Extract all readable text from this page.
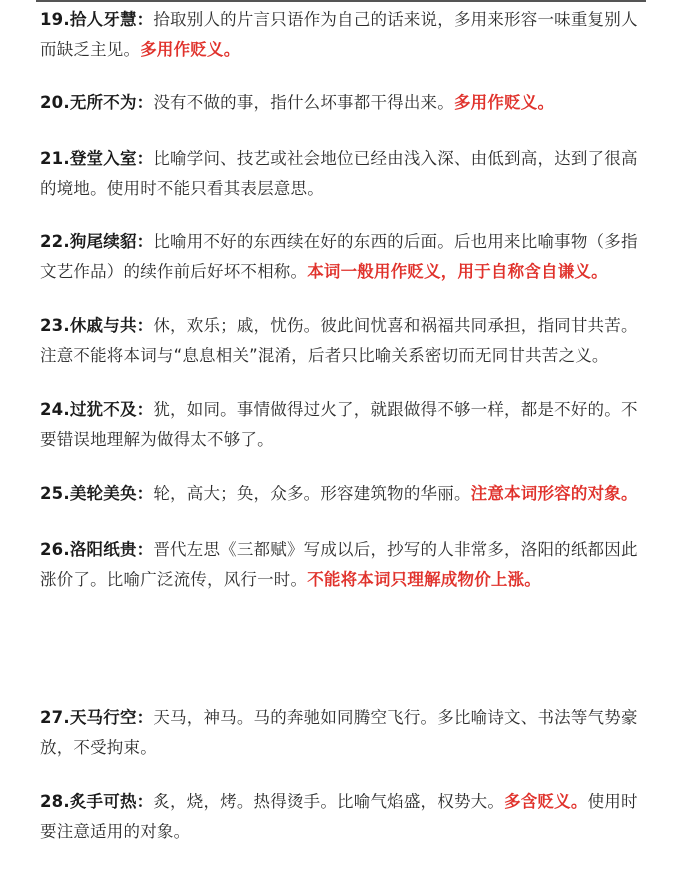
19.拾人牙慧：拾取别人的片言只语作为自己的话来说，多用来形容一味重复别人而缺乏主见。多用作贬义。
20.无所不为：没有不做的事，指什么坏事都干得出来。多用作贬义。
21.登堂入室：比喻学问、技艺或社会地位已经由浅入深、由低到高，达到了很高的境地。使用时不能只看其表层意思。
22.狗尾续貂：比喻用不好的东西续在好的东西的后面。后也用来比喻事物（多指文艺作品）的续作前后好坏不相称。本词一般用作贬义，用于自称含自谦义。
23.休戚与共：休，欢乐；戚，忧伤。彼此间忧喜和祸福共同承担，指同甘共苦。注意不能将本词与“息息相关”混淆，后者只比喻关系密切而无同甘共苦之义。
24.过犹不及：犹，如同。事情做得过火了，就跟做得不够一样，都是不好的。不要错误地理解为做得太不够了。
25.美轮美奂：轮，高大；奂，众多。形容建筑物的华丽。注意本词形容的对象。
26.洛阳纸贵：晋代左思《三都赋》写成以后，抄写的人非常多，洛阳的纸都因此涨价了。比喻广泛流传，风行一时。不能将本词只理解成物价上涨。
27.天马行空：天马，神马。马的奔驰如同腾空飞行。多比喻诗文、书法等气势豪放，不受拘束。
28.炙手可热：炙，烧，烤。热得烫手。比喻气焰盛，权势大。多含贬义。使用时要注意适用的对象。
